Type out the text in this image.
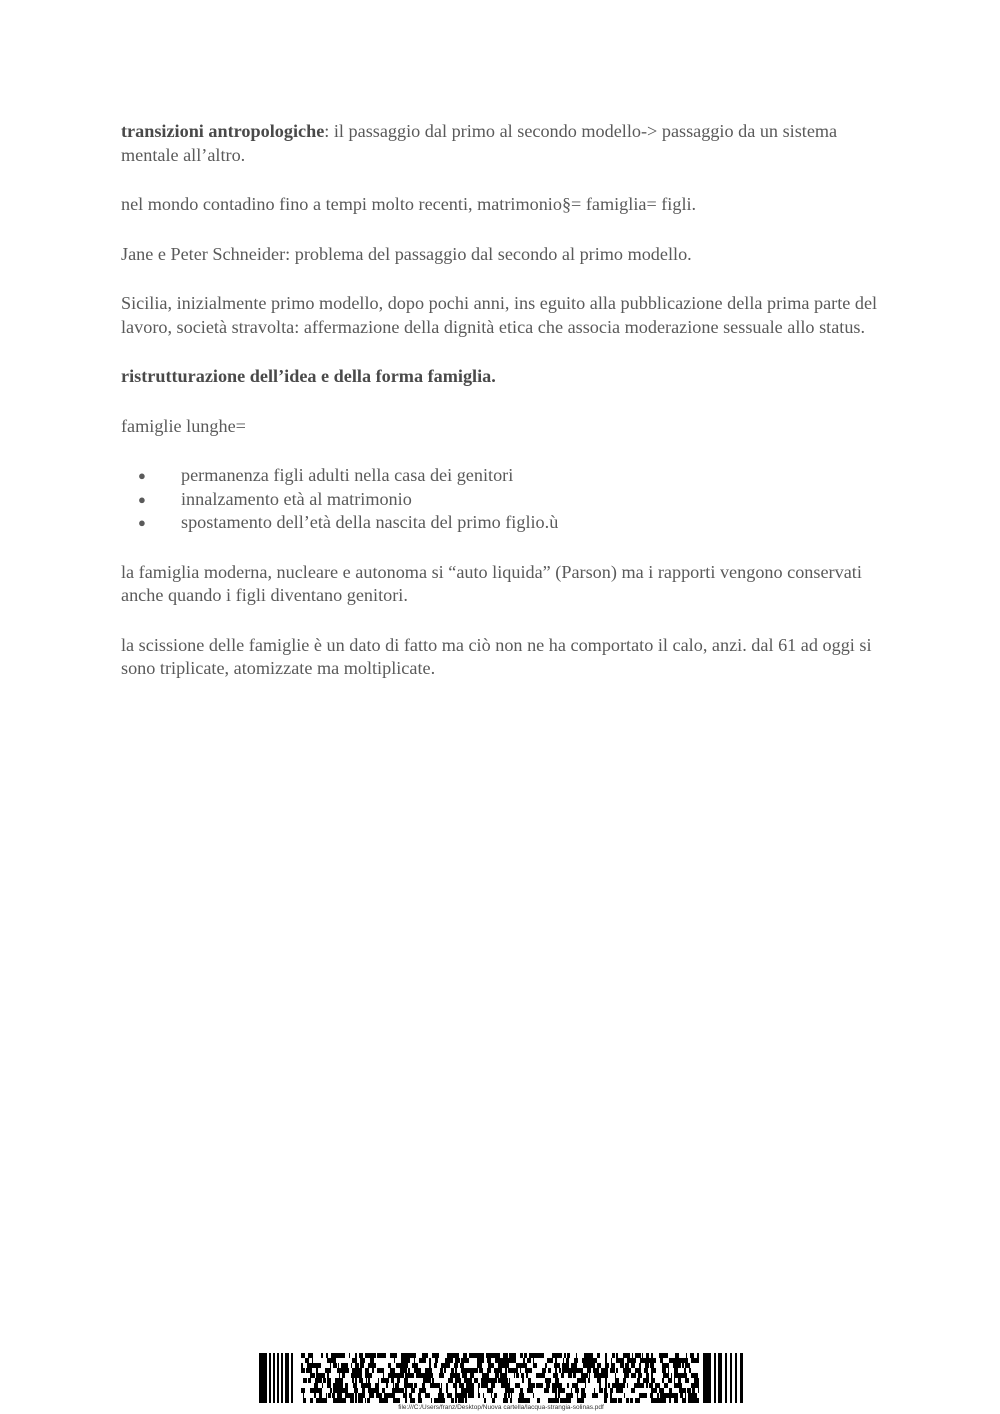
transizioni antropologiche: il passaggio dal primo al secondo modello-> passaggio da un sistema mentale all’altro.

nel mondo contadino fino a tempi molto recenti, matrimonio§= famiglia= figli.

Jane e Peter Schneider: problema del passaggio dal secondo al primo modello.

Sicilia, inizialmente primo modello, dopo pochi anni, ins eguito alla pubblicazione della prima parte del lavoro, società stravolta: affermazione della dignità etica che associa moderazione sessuale allo status.

ristrutturazione dell’idea e della forma famiglia.

famiglie lunghe=

● permanenza figli adulti nella casa dei genitori
● innalzamento età al matrimonio
● spostamento dell’età della nascita del primo figlio.ù

la famiglia moderna, nucleare e autonoma si “auto liquida” (Parson) ma i rapporti vengono conservati anche quando i figli diventano genitori.

la scissione delle famiglie è un dato di fatto ma ciò non ne ha comportato il calo, anzi. dal 61 ad oggi si sono triplicate, atomizzate ma moltiplicate.

file:///C:/Users/franz/Desktop/Nuova cartella/lacqua-strangia-solinas.pdf
